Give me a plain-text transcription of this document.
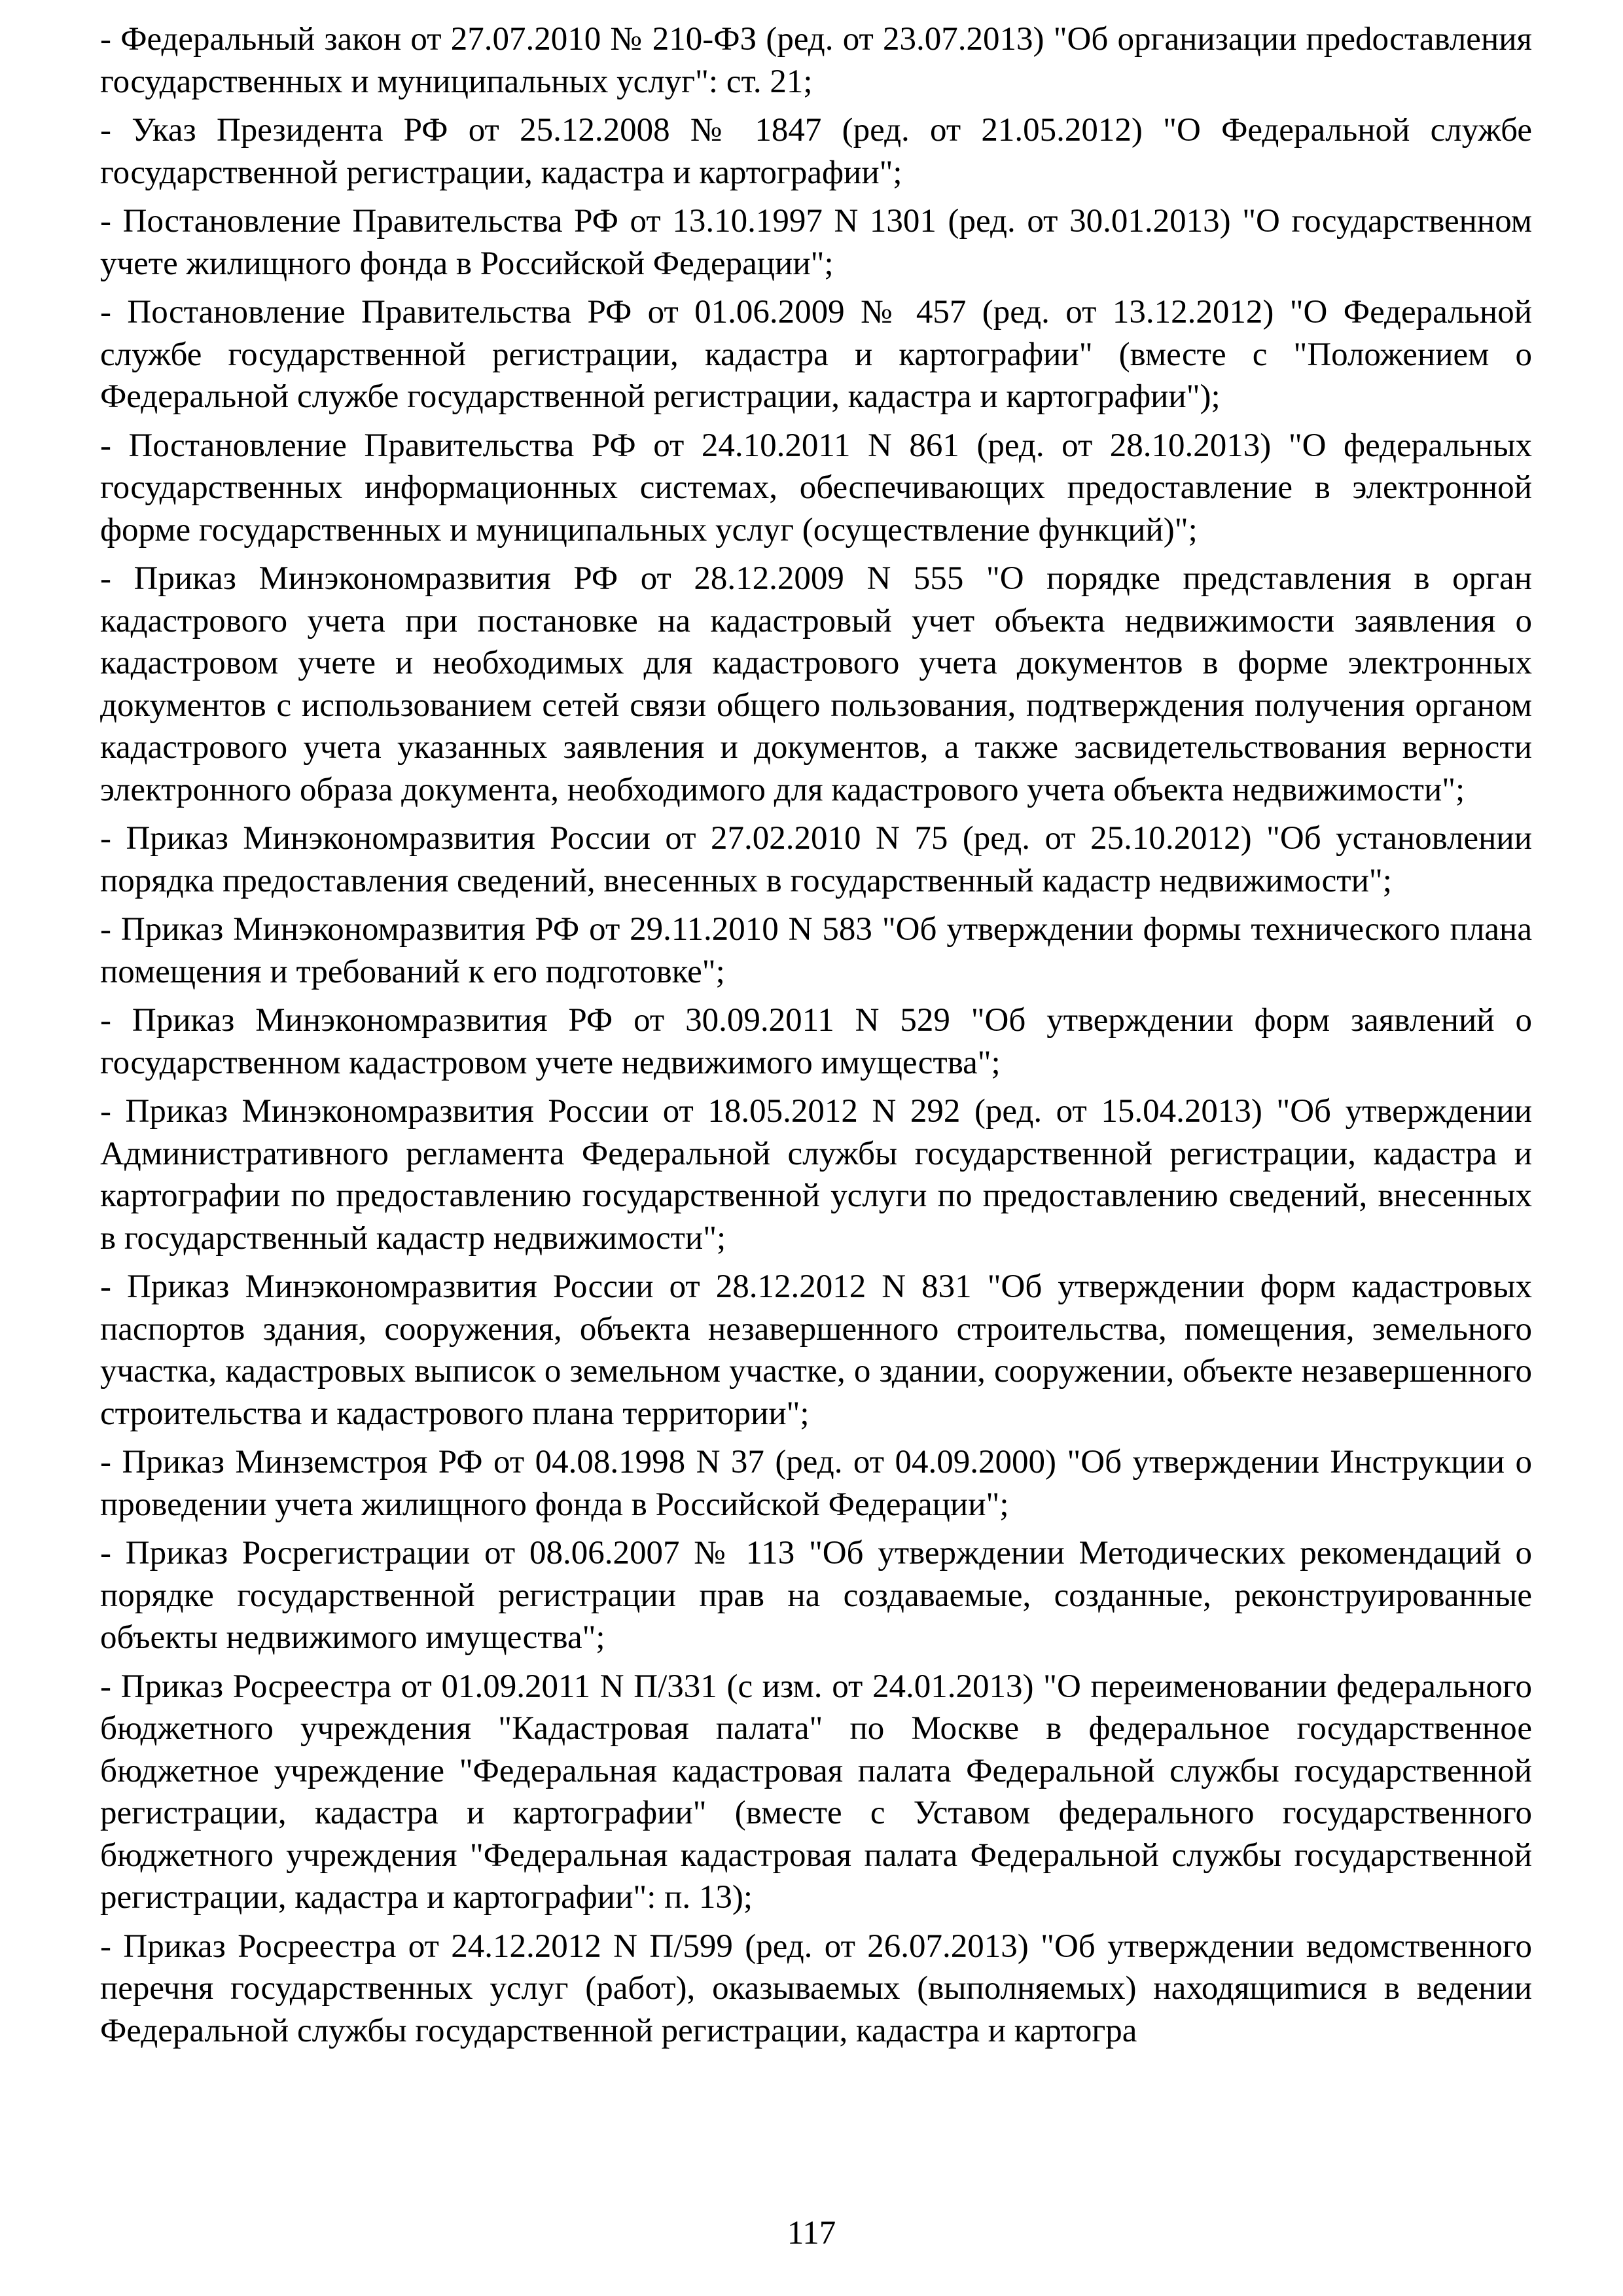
- Федеральный закон от 27.07.2010 № 210-ФЗ (ред. от 23.07.2013) "Об организации преdоставления государственных и муниципальных услуг": ст. 21;

- Указ Президента РФ от 25.12.2008 № 1847 (ред. от 21.05.2012) "О Федеральной службе государственной регистрации, кадастра и картографии";

- Постановление Правительства РФ от 13.10.1997 N 1301 (ред. от 30.01.2013) "О государственном учете жилищного фонда в Российской Федерации";

- Постановление Правительства РФ от 01.06.2009 № 457 (ред. от 13.12.2012) "О Федеральной службе государственной регистрации, кадастра и картографии" (вместе с "Положением о Федеральной службе государственной регистрации, кадастра и картографии");

- Постановление Правительства РФ от 24.10.2011 N 861 (ред. от 28.10.2013) "О федеральных государственных информационных системах, обеспечивающих предоставление в электронной форме государственных и муниципальных услуг (осуществление функций)";

- Приказ Минэкономразвития РФ от 28.12.2009 N 555 "О порядке представления в орган кадастрового учета при постановке на кадастровый учет объекта недвижимости заявления о кадастровом учете и необходимых для кадастрового учета документов в форме электронных документов с использованием сетей связи общего пользования, подтверждения получения органом кадастрового учета указанных заявления и документов, а также засвидетельствования верности электронного образа документа, необходимого для кадастрового учета объекта недвижимости";

- Приказ Минэкономразвития России от 27.02.2010 N 75 (ред. от 25.10.2012) "Об установлении порядка предоставления сведений, внесенных в государственный кадастр недвижимости";

- Приказ Минэкономразвития РФ от 29.11.2010 N 583 "Об утверждении формы технического плана помещения и требований к его подготовке";

- Приказ Минэкономразвития РФ от 30.09.2011 N 529 "Об утверждении форм заявлений о государственном кадастровом учете недвижимого имущества";

- Приказ Минэкономразвития России от 18.05.2012 N 292 (ред. от 15.04.2013) "Об утверждении Административного регламента Федеральной службы государственной регистрации, кадастра и картографии по предоставлению государственной услуги по предоставлению сведений, внесенных в государственный кадастр недвижимости";

- Приказ Минэкономразвития России от 28.12.2012 N 831 "Об утверждении форм кадастровых паспортов здания, сооружения, объекта незавершенного строительства, помещения, земельного участка, кадастровых выписок о земельном участке, о здании, сооружении, объекте незавершенного строительства и кадастрового плана территории";

- Приказ Минземстроя РФ от 04.08.1998 N 37 (ред. от 04.09.2000) "Об утверждении Инструкции о проведении учета жилищного фонда в Российской Федерации";

- Приказ Росрегистрации от 08.06.2007 № 113 "Об утверждении Методических рекомендаций о порядке государственной регистрации прав на создаваемые, созданные, реконструированные объекты недвижимого имущества";

- Приказ Росреестра от 01.09.2011 N П/331 (с изм. от 24.01.2013) "О переименовании федерального бюджетного учреждения "Кадастровая палата" по Москве в федеральное государственное бюджетное учреждение "Федеральная кадастровая палата Федеральной службы государственной регистрации, кадастра и картографии" (вместе с Уставом федерального государственного бюджетного учреждения "Федеральная кадастровая палата Федеральной службы государственной регистрации, кадастра и картографии": п. 13);

- Приказ Росреестра от 24.12.2012 N П/599 (ред. от 26.07.2013) "Об утверждении ведомственного перечня государственных услуг (работ), оказываемых (выполняемых) находящиmися в ведении Федеральной службы государственной регистрации, кадастра и картогра

117
